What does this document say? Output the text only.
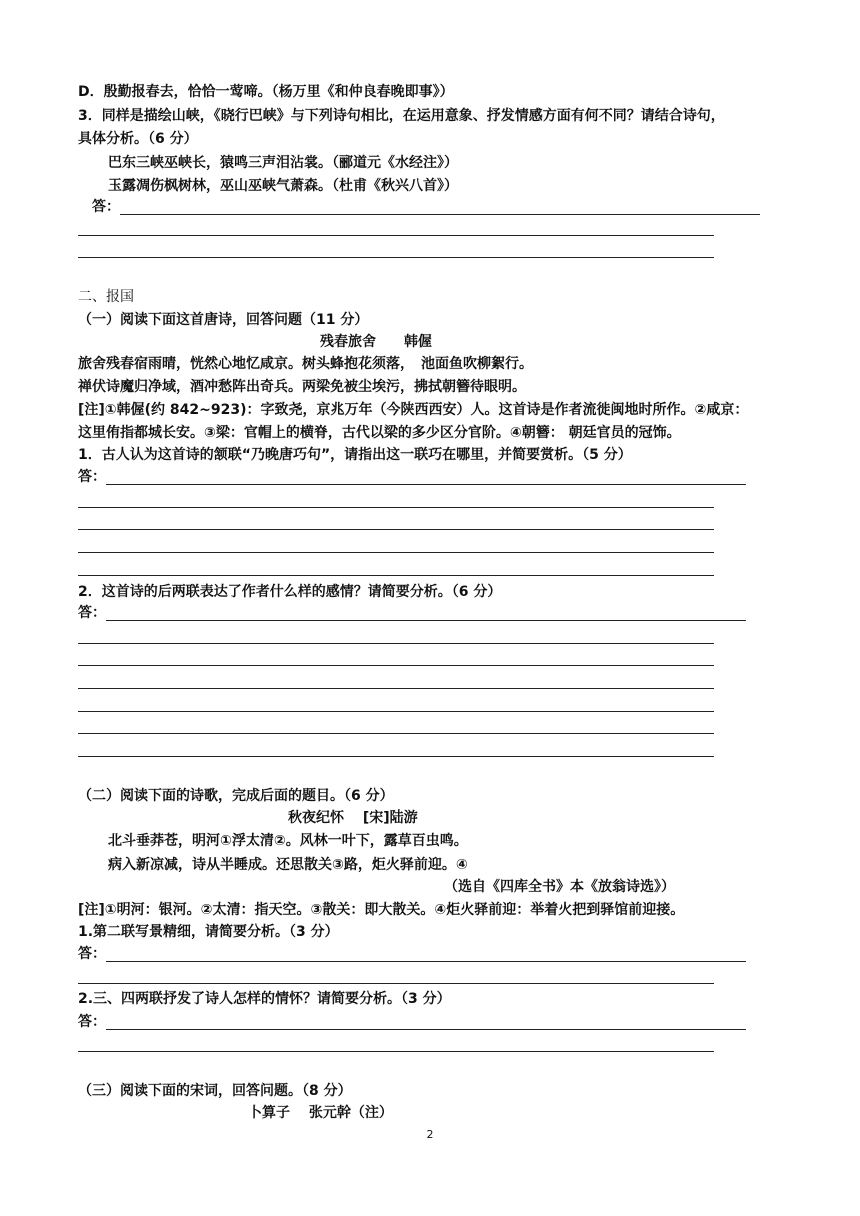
D．殷勤报春去，恰恰一莺啼。（杨万里《和仲良春晚即事》）
3．同样是描绘山峡，《晓行巴峡》与下列诗句相比，在运用意象、抒发情感方面有何不同？请结合诗句，
具体分析。（6 分）
巴东三峡巫峡长，猿鸣三声泪沾裳。（郦道元《水经注》）
玉露凋伤枫树林，巫山巫峡气萧森。（杜甫《秋兴八首》）
答：
二、报国
（一）阅读下面这首唐诗，回答问题（11 分）
残春旅舍　　韩偓
旅舍残春宿雨晴，恍然心地忆咸京。树头蜂抱花须落，　池面鱼吹柳絮行。
禅伏诗魔归净域，酒冲愁阵出奇兵。两梁免被尘埃污，拂拭朝簪待眼明。
[注]①韩偓(约 842~923)：字致尧，京兆万年（今陕西西安）人。这首诗是作者流徙闽地时所作。②咸京：
这里侑指都城长安。③梁：官帽上的横脊，古代以梁的多少区分官阶。④朝簪： 朝廷官员的冠饰。
1．古人认为这首诗的颔联“乃晚唐巧句”，请指出这一联巧在哪里，并简要赏析。（5 分）
答：
2．这首诗的后两联表达了作者什么样的感情？请简要分析。（6 分）
答：
（二）阅读下面的诗歌，完成后面的题目。（6 分）
秋夜纪怀　 [宋]陆游
北斗垂莽苍，明河①浮太清②。风林一叶下，露草百虫鸣。
病入新凉减，诗从半睡成。还思散关③路，炬火驿前迎。④
（选自《四库全书》本《放翁诗选》）
[注]①明河：银河。②太清：指天空。③散关：即大散关。④炬火驿前迎：举着火把到驿馆前迎接。
1.第二联写景精细，请简要分析。（3 分）
答：
2.三、四两联抒发了诗人怎样的情怀？请简要分析。（3 分）
答：
（三）阅读下面的宋词，回答问题。（8 分）
卜算子　 张元幹（注）
2
